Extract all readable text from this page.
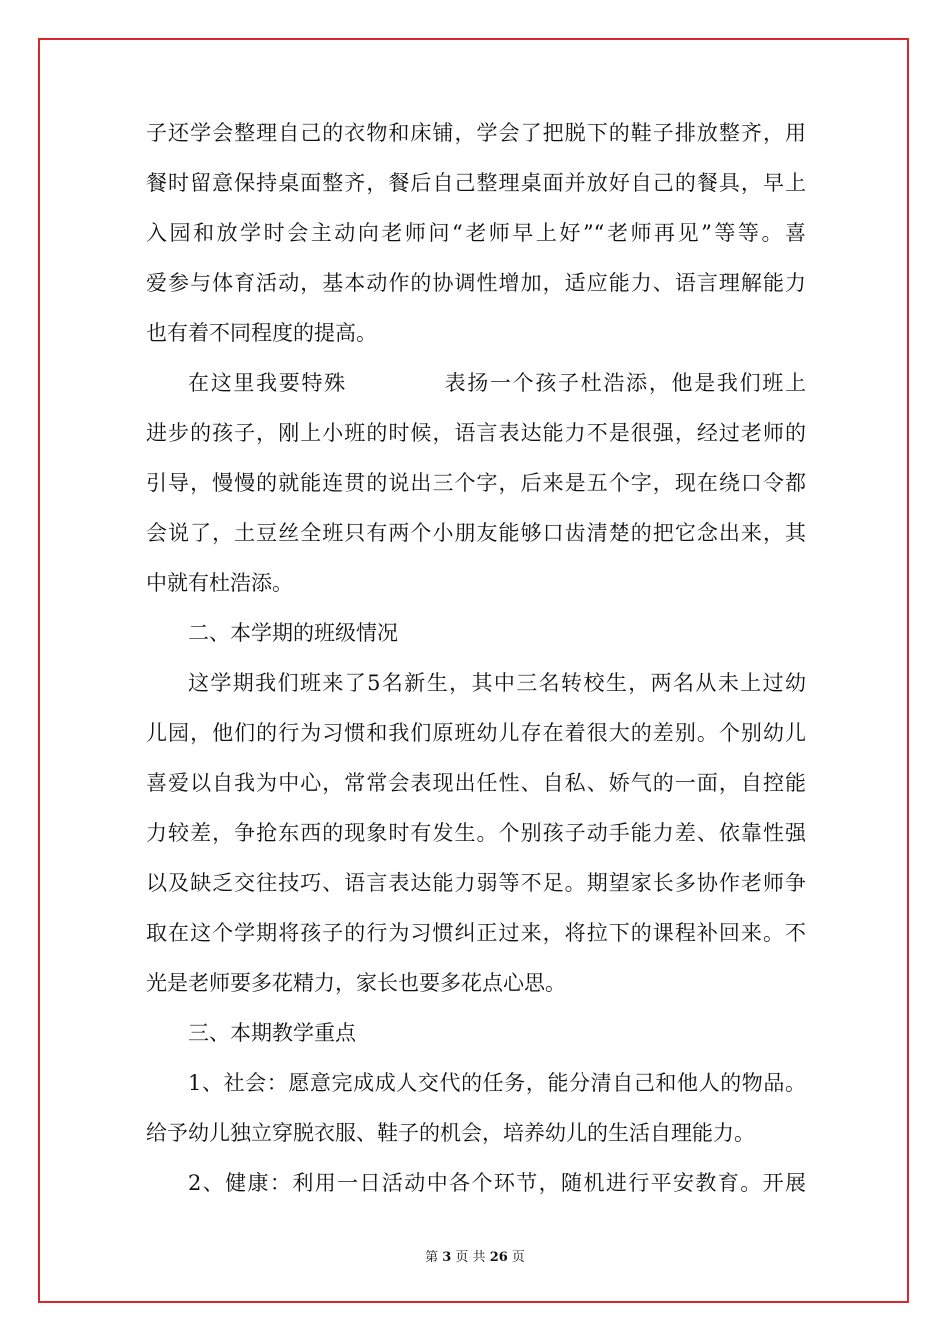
子还学会整理自己的衣物和床铺，学会了把脱下的鞋子排放整齐，用
餐时留意保持桌面整齐，餐后自己整理桌面并放好自己的餐具，早上
入园和放学时会主动向老师问“老师早上好”“老师再见”等等。喜
爱参与体育活动，基本动作的协调性增加，适应能力、语言理解能力
也有着不同程度的提高。
在这里我要特殊	表扬一个孩子杜浩添，他是我们班上
进步的孩子，刚上小班的时候，语言表达能力不是很强，经过老师的
引导，慢慢的就能连贯的说出三个字，后来是五个字，现在绕口令都
会说了，土豆丝全班只有两个小朋友能够口齿清楚的把它念出来，其
中就有杜浩添。
二、本学期的班级情况
这学期我们班来了5名新生，其中三名转校生，两名从未上过幼
儿园，他们的行为习惯和我们原班幼儿存在着很大的差别。个别幼儿
喜爱以自我为中心，常常会表现出任性、自私、娇气的一面，自控能
力较差，争抢东西的现象时有发生。个别孩子动手能力差、依靠性强
以及缺乏交往技巧、语言表达能力弱等不足。期望家长多协作老师争
取在这个学期将孩子的行为习惯纠正过来，将拉下的课程补回来。不
光是老师要多花精力，家长也要多花点心思。
三、本期教学重点
1、社会：愿意完成成人交代的任务，能分清自己和他人的物品。
给予幼儿独立穿脱衣服、鞋子的机会，培养幼儿的生活自理能力。
2、健康：利用一日活动中各个环节，随机进行平安教育。开展
第 3 页 共 26 页
